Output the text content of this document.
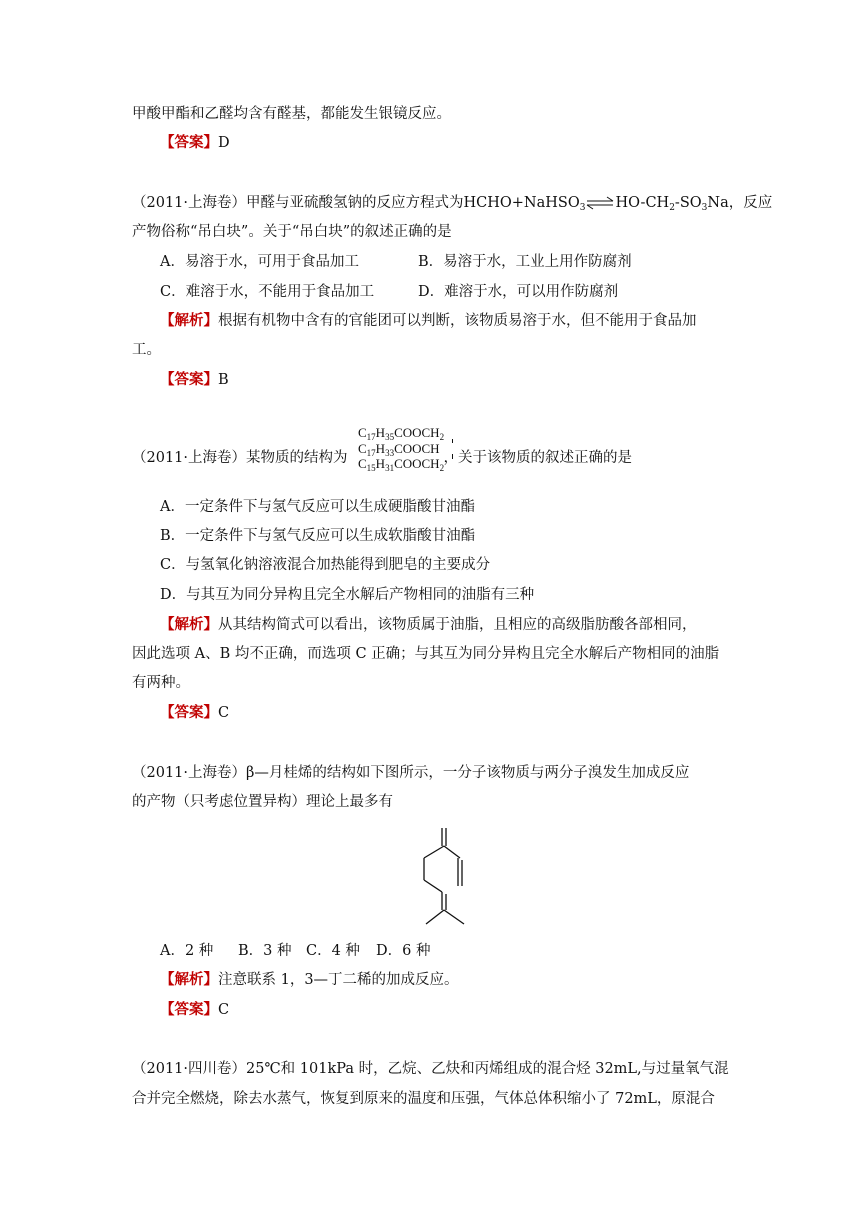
甲酸甲酯和乙醛均含有醛基，都能发生银镜反应。
【答案】D
（2011·上海卷）甲醛与亚硫酸氢钠的反应方程式为$HCHO+NaHSO_3\rightleftharpoons HO-CH_2-SO_3Na$，反应
产物俗称“吊白块”。关于“吊白块”的叙述正确的是
A．易溶于水，可用于食品加工	B．易溶于水，工业上用作防腐剂
C．难溶于水，不能用于食品加工	D．难溶于水，可以用作防腐剂
【解析】根据有机物中含有的官能团可以判断，该物质易溶于水，但不能用于食品加
工。
【答案】B
$C_{17}H_{35}COOCH_2$
$C_{17}H_{33}COOCH$
$C_{15}H_{31}COOCH_2$
（2011·上海卷）某物质的结构为	，关于该物质的叙述正确的是
A．一定条件下与氢气反应可以生成硬脂酸甘油酯
B．一定条件下与氢气反应可以生成软脂酸甘油酯
C．与氢氧化钠溶液混合加热能得到肥皂的主要成分
D．与其互为同分异构且完全水解后产物相同的油脂有三种
【解析】从其结构简式可以看出，该物质属于油脂，且相应的高级脂肪酸各部相同，
因此选项 A、B 均不正确，而选项 C 正确；与其互为同分异构且完全水解后产物相同的油脂
有两种。
【答案】C
（2011·上海卷）β—月桂烯的结构如下图所示，一分子该物质与两分子溴发生加成反应
的产物（只考虑位置异构）理论上最多有
A．2 种 B．3 种 C．4 种 D．6 种
【解析】注意联系 1，3—丁二稀的加成反应。
【答案】C
（2011·四川卷）25℃和 101kPa 时，乙烷、乙炔和丙烯组成的混合烃 32mL,与过量氧气混
合并完全燃烧，除去水蒸气，恢复到原来的温度和压强，气体总体积缩小了 72mL，原混合
